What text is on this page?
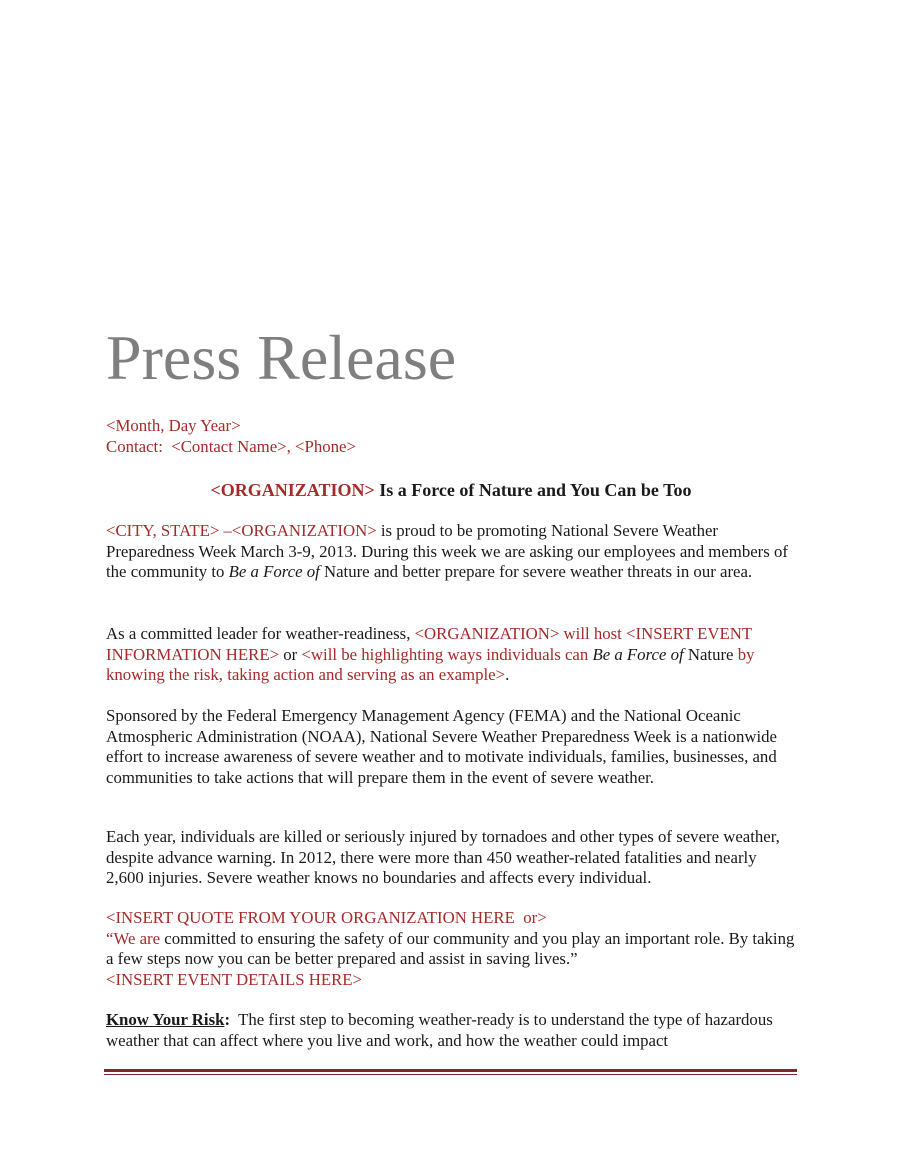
Press Release

<Month, Day Year>

Contact:  <Contact Name>, <Phone>

<ORGANIZATION> Is a Force of Nature and You Can be Too

<CITY, STATE> –<ORGANIZATION> is proud to be promoting National Severe Weather Preparedness Week March 3-9, 2013. During this week we are asking our employees and members of the community to Be a Force of Nature and better prepare for severe weather threats in our area.

As a committed leader for weather-readiness, <ORGANIZATION> will host <INSERT EVENT INFORMATION HERE> or <will be highlighting ways individuals can Be a Force of Nature by knowing the risk, taking action and serving as an example>.

Sponsored by the Federal Emergency Management Agency (FEMA) and the National Oceanic Atmospheric Administration (NOAA), National Severe Weather Preparedness Week is a nationwide effort to increase awareness of severe weather and to motivate individuals, families, businesses, and communities to take actions that will prepare them in the event of severe weather.

Each year, individuals are killed or seriously injured by tornadoes and other types of severe weather, despite advance warning. In 2012, there were more than 450 weather-related fatalities and nearly 2,600 injuries. Severe weather knows no boundaries and affects every individual.

<INSERT QUOTE FROM YOUR ORGANIZATION HERE  or>

“We are committed to ensuring the safety of our community and you play an important role. By taking a few steps now you can be better prepared and assist in saving lives.”

<INSERT EVENT DETAILS HERE>

Know Your Risk:  The first step to becoming weather-ready is to understand the type of hazardous weather that can affect where you live and work, and how the weather could impact
